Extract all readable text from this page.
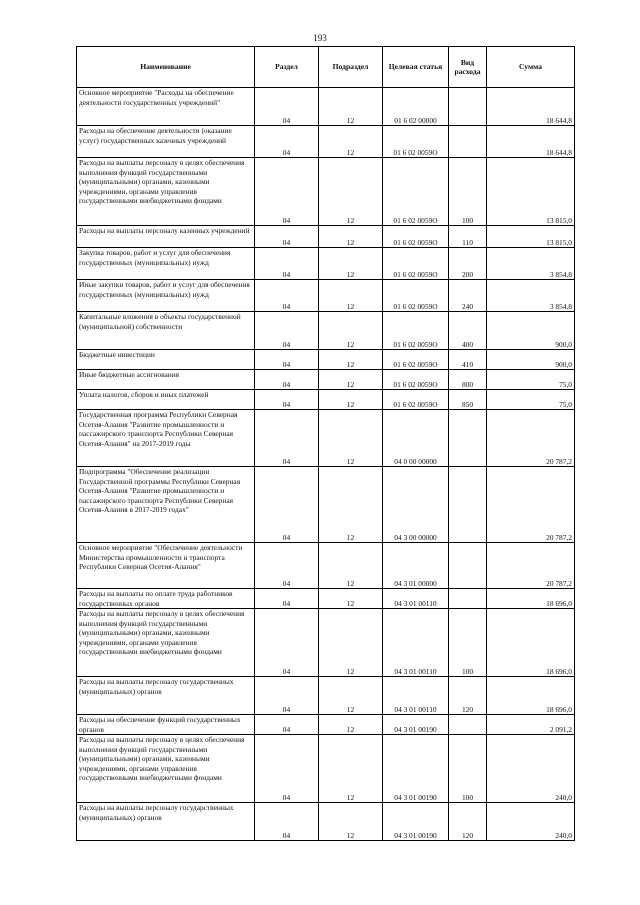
193
Наименование	Раздел	Подраздел	Целевая статья	Вид расхода	Сумма
Основное мероприятие "Расходы на обеспечение деятельности государственных учреждений"	04	12	01 6 02 00000		18 644,8
Расходы на обеспечение деятельности (оказание услуг) государственных казенных учреждений	04	12	01 6 02 0059О		18 644,8
Расходы на выплаты персоналу в целях обеспечения выполнения функций государственными (муниципальными) органами, казенными учреждениями, органами управления государственными внебюджетными фондами	04	12	01 6 02 0059О	100	13 815,0
Расходы на выплаты персоналу казенных учреждений	04	12	01 6 02 0059О	110	13 815,0
Закупка товаров, работ и услуг для обеспечения государственных (муниципальных) нужд	04	12	01 6 02 0059О	200	3 854,8
Иные закупки товаров, работ и услуг для обеспечения государственных (муниципальных) нужд	04	12	01 6 02 0059О	240	3 854,8
Капитальные вложения в объекты государственной (муниципальной) собственности	04	12	01 6 02 0059О	400	900,0
Бюджетные инвестиции	04	12	01 6 02 0059О	410	900,0
Иные бюджетные ассигнования	04	12	01 6 02 0059О	800	75,0
Уплата налогов, сборов и иных платежей	04	12	01 6 02 0059О	850	75,0
Государственная программа Республики Северная Осетия-Алания "Развитие промышленности и пассажирского транспорта Республики Северная Осетия-Алания" на 2017-2019 годы	04	12	04 0 00 00000		20 787,2
Подпрограмма "Обеспечение реализации Государственной программы Республики Северная Осетия-Алания "Развитие промышленности и пассажирского транспорта Республики Северная Осетия-Алания в 2017-2019 годах"	04	12	04 3 00 00000		20 787,2
Основное мероприятие "Обеспечение деятельности Министерства промышленности и транспорта Республики Северная Осетия-Алания"	04	12	04 3 01 00000		20 787,2
Расходы на выплаты по оплате труда работников государственных органов	04	12	04 3 01 00110		18 696,0
Расходы на выплаты персоналу в целях обеспечения выполнения функций государственными (муниципальными) органами, казенными учреждениями, органами управления государственными внебюджетными фондами	04	12	04 3 01 00110	100	18 696,0
Расходы на выплаты персоналу государственных (муниципальных) органов	04	12	04 3 01 00110	120	18 696,0
Расходы на обеспечение функций государственных органов	04	12	04 3 01 00190		2 091,2
Расходы на выплаты персоналу в целях обеспечения выполнения функций государственными (муниципальными) органами, казенными учреждениями, органами управления государственными внебюджетными фондами	04	12	04 3 01 00190	100	240,0
Расходы на выплаты персоналу государственных (муниципальных) органов	04	12	04 3 01 00190	120	240,0
